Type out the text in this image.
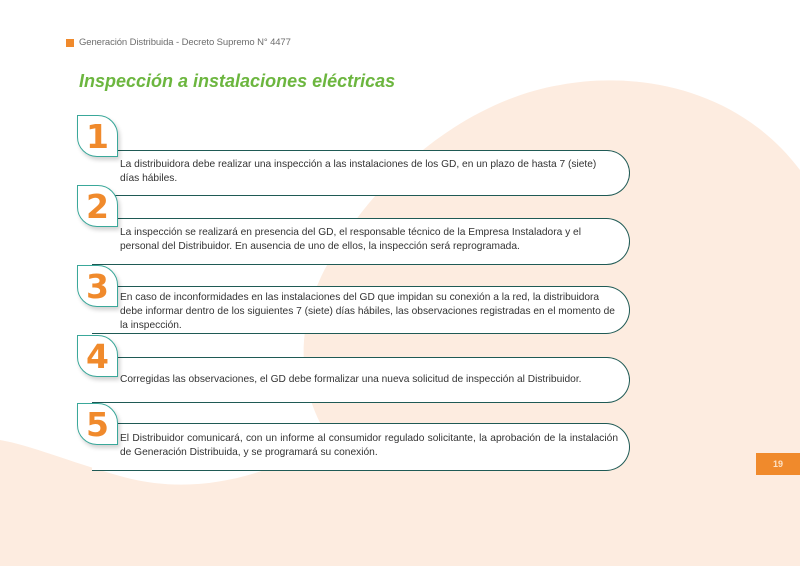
Generación Distribuida - Decreto Supremo N° 4477
Inspección a instalaciones eléctricas
1
La distribuidora debe realizar una inspección a las instalaciones de los GD, en un plazo de hasta 7 (siete) días hábiles.
2
La inspección se realizará en presencia del GD, el responsable técnico de la Empresa Instaladora y el personal del Distribuidor. En ausencia de uno de ellos, la inspección será reprogramada.
3 En caso de inconformidades en las instalaciones del GD que impidan su conexión a la red, la distribuidora debe informar dentro de los siguientes 7 (siete) días hábiles, las observaciones registradas en el momento de la inspección.
4
Corregidas las observaciones, el GD debe formalizar una nueva solicitud de inspección al Distribuidor.
5 El Distribuidor comunicará, con un informe al consumidor regulado solicitante, la aprobación de la instalación de Generación Distribuida, y se programará su conexión.
19
